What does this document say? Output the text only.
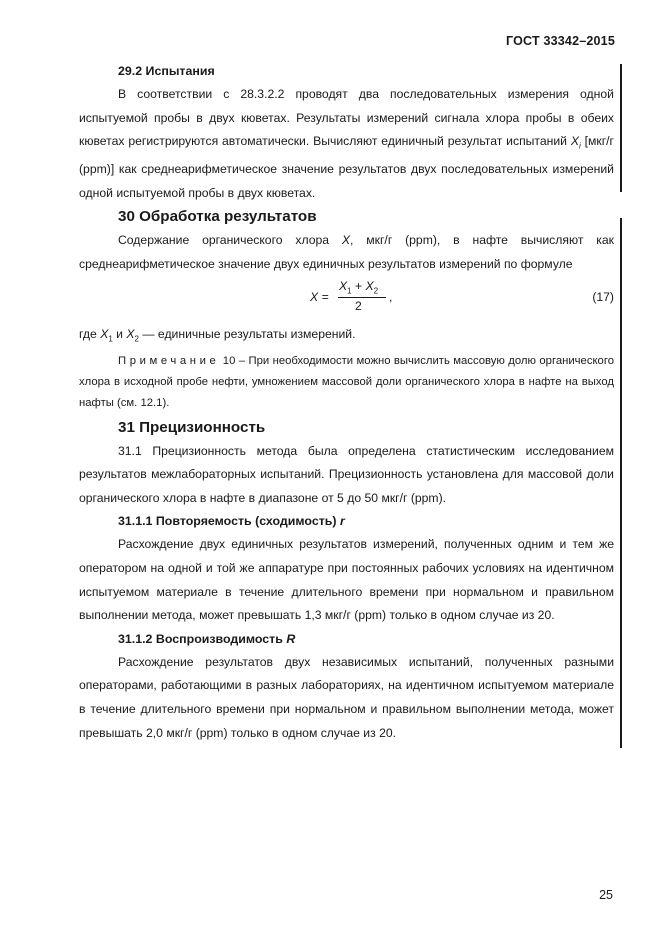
ГОСТ 33342–2015
29.2 Испытания

В соответствии с 28.3.2.2 проводят два последовательных измерения одной испытуемой пробы в двух кюветах. Результаты измерений сигнала хлора пробы в обеих кюветах регистрируются автоматически. Вычисляют единичный результат испытаний $X_i$ [мкг/г (ppm)] как среднеарифметическое значение результатов двух последовательных измерений одной испытуемой пробы в двух кюветах.

30 Обработка результатов

Содержание органического хлора X, мкг/г (ppm), в нафте вычисляют как среднеарифметическое значение двух единичных результатов измерений по формуле

X =
$X_1 + X_2$
2
,	(17)

где $X_1$ и $X_2$ — единичные результаты измерений.

Примечание 10 – При необходимости можно вычислить массовую долю органического хлора в исходной пробе нефти, умножением массовой доли органического хлора в нафте на выход нафты (см. 12.1).

31 Прецизионность

31.1 Прецизионность метода была определена статистическим исследованием результатов межлабораторных испытаний. Прецизионность установлена для массовой доли органического хлора в нафте в диапазоне от 5 до 50 мкг/г (ppm).

31.1.1 Повторяемость (сходимость) r

Расхождение двух единичных результатов измерений, полученных одним и тем же оператором на одной и той же аппаратуре при постоянных рабочих условиях на идентичном испытуемом материале в течение длительного времени при нормальном и правильном выполнении метода, может превышать 1,3 мкг/г (ppm) только в одном случае из 20.

31.1.2 Воспроизводимость R

Расхождение результатов двух независимых испытаний, полученных разными операторами, работающими в разных лабораториях, на идентичном испытуемом материале в течение длительного времени при нормальном и правильном выполнении метода, может превышать 2,0 мкг/г (ppm) только в одном случае из 20.

25
